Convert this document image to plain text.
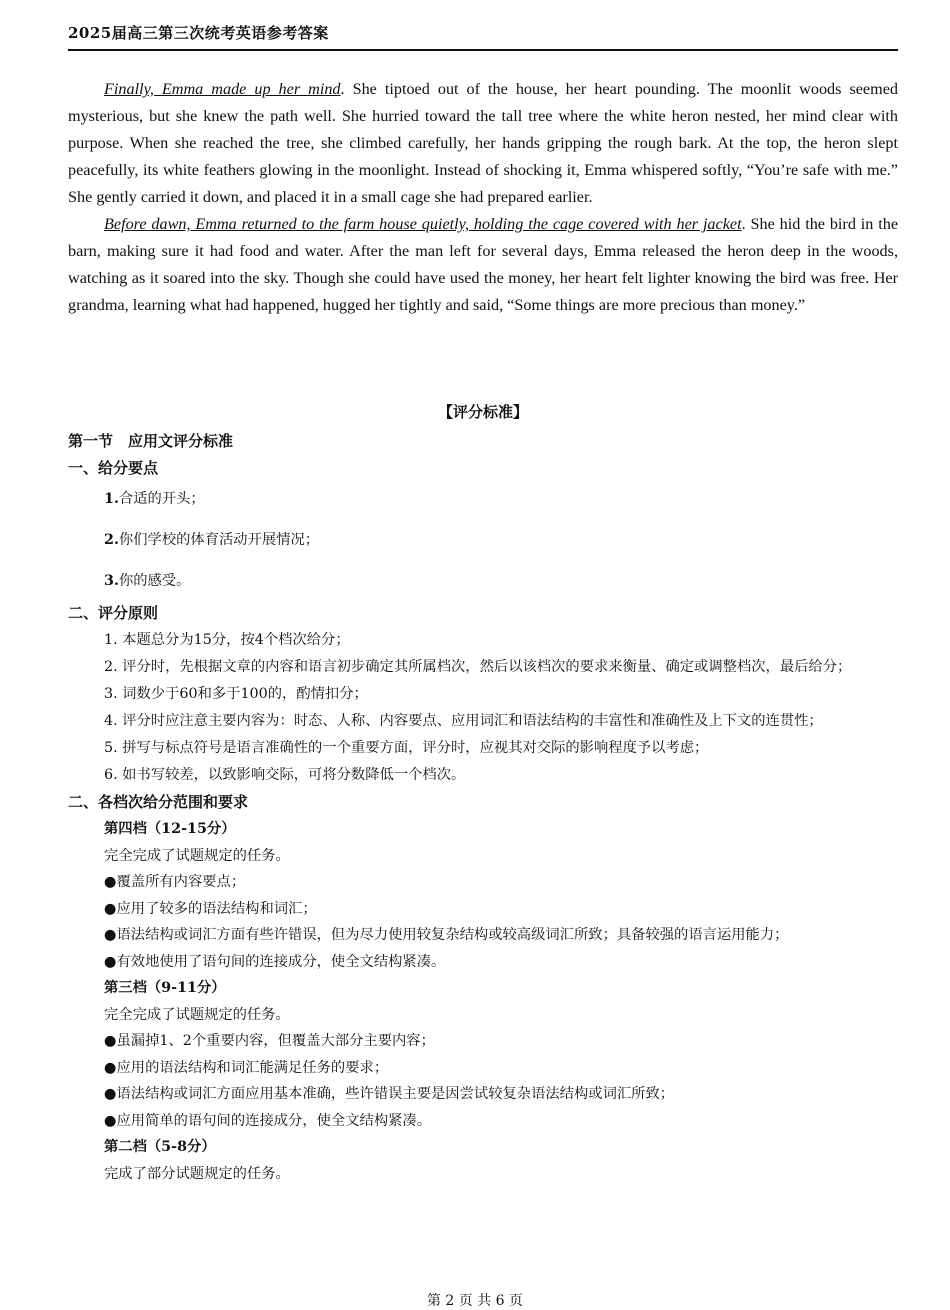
2025届高三第三次统考英语参考答案

Finally, Emma made up her mind. She tiptoed out of the house, her heart pounding. The moonlit woods seemed mysterious, but she knew the path well. She hurried toward the tall tree where the white heron nested, her mind clear with purpose. When she reached the tree, she climbed carefully, her hands gripping the rough bark. At the top, the heron slept peacefully, its white feathers glowing in the moonlight. Instead of shocking it, Emma whispered softly, “You’re safe with me.” She gently carried it down, and placed it in a small cage she had prepared earlier.

Before dawn, Emma returned to the farm house quietly, holding the cage covered with her jacket. She hid the bird in the barn, making sure it had food and water. After the man left for several days, Emma released the heron deep in the woods, watching as it soared into the sky. Though she could have used the money, her heart felt lighter knowing the bird was free. Her grandma, learning what had happened, hugged her tightly and said, “Some things are more precious than money.”

【评分标准】
第一节　应用文评分标准
一、给分要点
1.合适的开头；
2.你们学校的体育活动开展情况；
3.你的感受。
二、评分原则
1. 本题总分为15分，按4个档次给分；
2. 评分时，先根据文章的内容和语言初步确定其所属档次，然后以该档次的要求来衡量、确定或调整档次，最后给分；
3. 词数少于60和多于100的，酌情扣分；
4. 评分时应注意主要内容为：时态、人称、内容要点、应用词汇和语法结构的丰富性和准确性及上下文的连贯性；
5. 拼写与标点符号是语言准确性的一个重要方面，评分时，应视其对交际的影响程度予以考虑；
6. 如书写较差，以致影响交际，可将分数降低一个档次。
二、各档次给分范围和要求
第四档（12-15分）
完全完成了试题规定的任务。
●覆盖所有内容要点；
●应用了较多的语法结构和词汇；
●语法结构或词汇方面有些许错误，但为尽力使用较复杂结构或较高级词汇所致；具备较强的语言运用能力；
●有效地使用了语句间的连接成分，使全文结构紧凑。
第三档（9-11分）
完全完成了试题规定的任务。
●虽漏掉1、2个重要内容，但覆盖大部分主要内容；
●应用的语法结构和词汇能满足任务的要求；
●语法结构或词汇方面应用基本准确，些许错误主要是因尝试较复杂语法结构或词汇所致；
●应用简单的语句间的连接成分，使全文结构紧凑。
第二档（5-8分）
完成了部分试题规定的任务。
第 2 页 共 6 页
